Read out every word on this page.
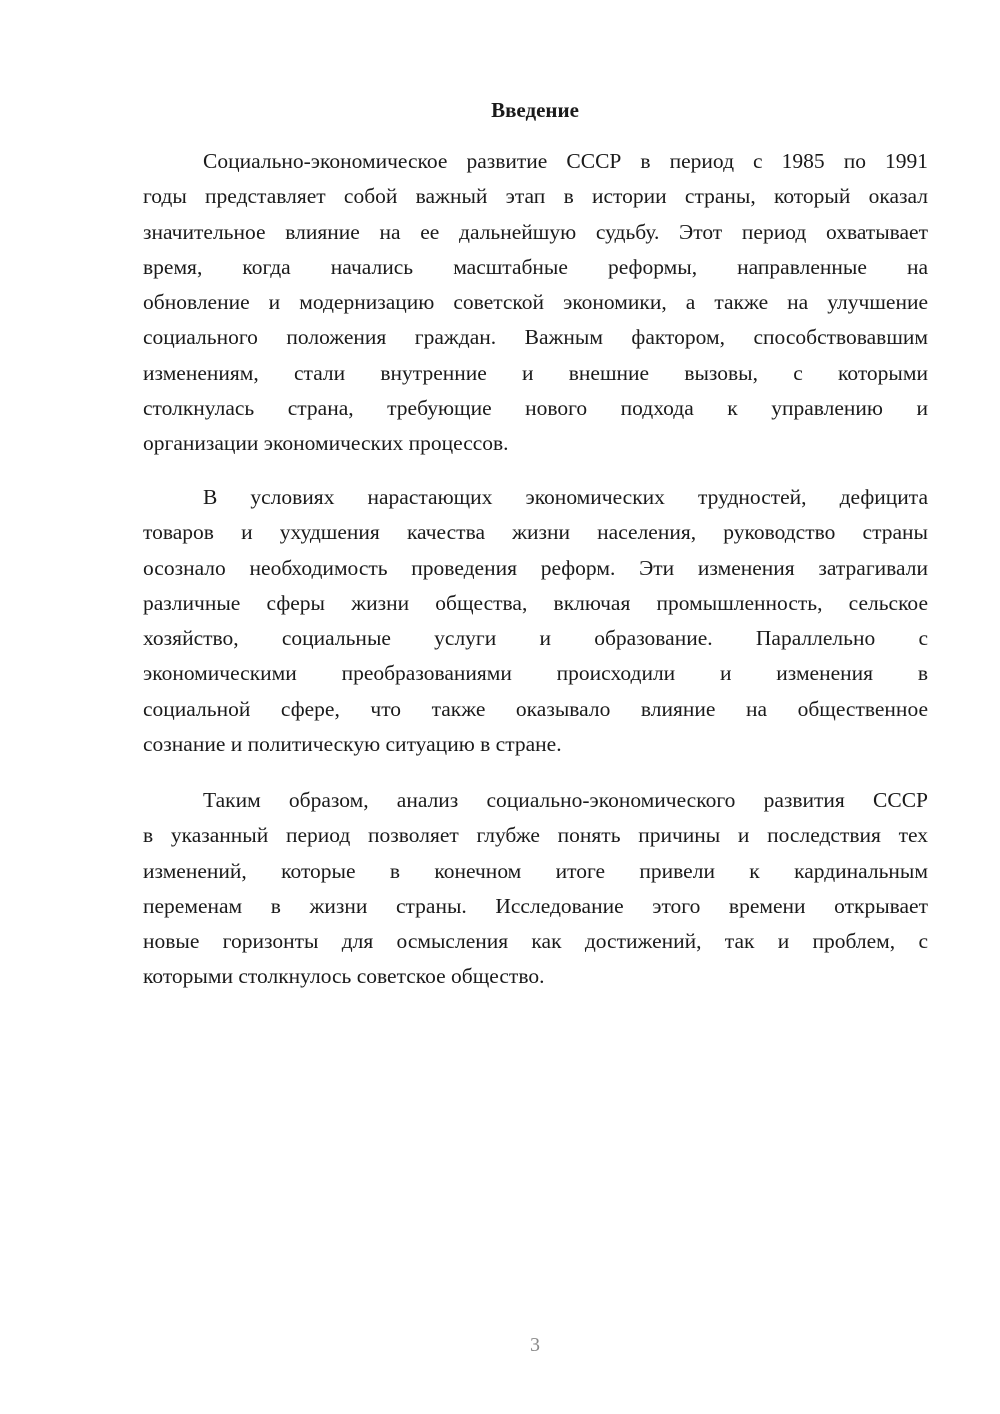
Введение
Социально-экономическое развитие СССР в период с 1985 по 1991
годы представляет собой важный этап в истории страны, который оказал
значительное влияние на ее дальнейшую судьбу. Этот период охватывает
время, когда начались масштабные реформы, направленные на
обновление и модернизацию советской экономики, а также на улучшение
социального положения граждан. Важным фактором, способствовавшим
изменениям, стали внутренние и внешние вызовы, с которыми
столкнулась страна, требующие нового подхода к управлению и
организации экономических процессов.
В условиях нарастающих экономических трудностей, дефицита
товаров и ухудшения качества жизни населения, руководство страны
осознало необходимость проведения реформ. Эти изменения затрагивали
различные сферы жизни общества, включая промышленность, сельское
хозяйство, социальные услуги и образование. Параллельно с
экономическими преобразованиями происходили и изменения в
социальной сфере, что также оказывало влияние на общественное
сознание и политическую ситуацию в стране.
Таким образом, анализ социально-экономического развития СССР
в указанный период позволяет глубже понять причины и последствия тех
изменений, которые в конечном итоге привели к кардинальным
переменам в жизни страны. Исследование этого времени открывает
новые горизонты для осмысления как достижений, так и проблем, с
которыми столкнулось советское общество.
3
